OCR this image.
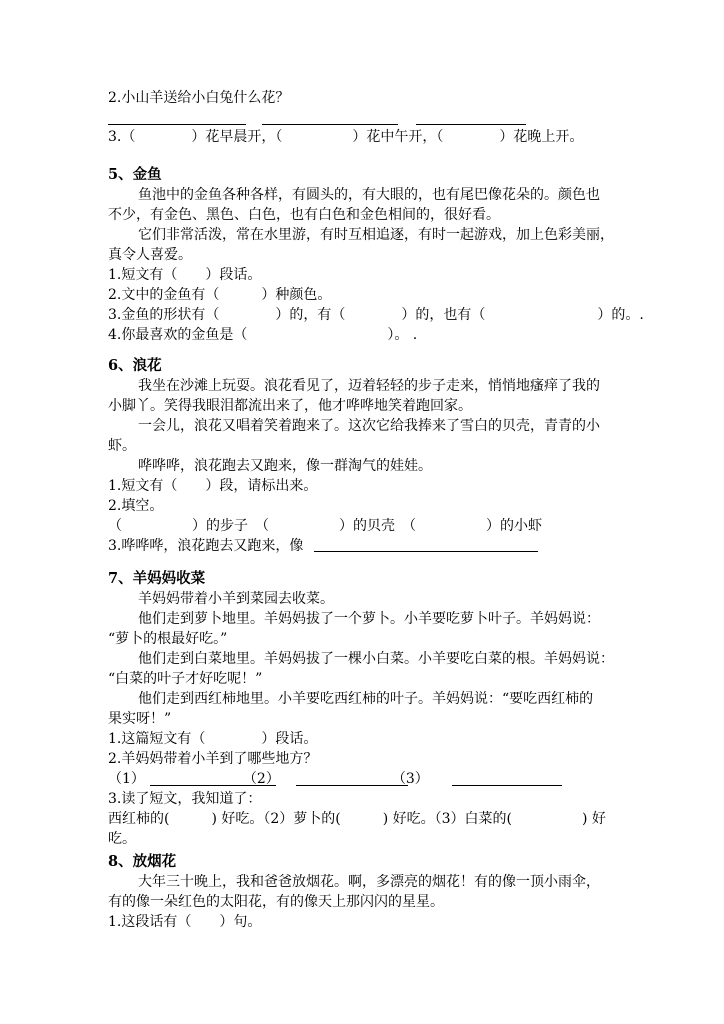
2.小山羊送给小白兔什么花？
3.（　　　　）花早晨开，（　　　　　）花中午开，（　　　　）花晚上开。
5、金鱼
鱼池中的金鱼各种各样，有圆头的，有大眼的，也有尾巴像花朵的。颜色也
不少，有金色、黑色、白色，也有白色和金色相间的，很好看。
它们非常活泼，常在水里游，有时互相追逐，有时一起游戏，加上色彩美丽，
真令人喜爱。
1.短文有（　　）段话。
2.文中的金鱼有（　　　）种颜色。
3.金鱼的形状有（　　　　）的，有（　　　　）的，也有（　　　　　　　　）的。.
4.你最喜欢的金鱼是（　　　　　　　　　　）。 .
6、浪花
我坐在沙滩上玩耍。浪花看见了，迈着轻轻的步子走来，悄悄地瘙痒了我的
小脚丫。笑得我眼泪都流出来了，他才哗哗地笑着跑回家。
一会儿，浪花又唱着笑着跑来了。这次它给我捧来了雪白的贝壳，青青的小
虾。
哗哗哗，浪花跑去又跑来，像一群淘气的娃娃。
1.短文有（　　）段，请标出来。
2.填空。
（　　　　　）的步子　（　　　　　）的贝壳　（　　　　　）的小虾
3.哗哗哗，浪花跑去又跑来，像
7、羊妈妈收菜
羊妈妈带着小羊到菜园去收菜。
他们走到萝卜地里。羊妈妈拔了一个萝卜。小羊要吃萝卜叶子。羊妈妈说：
“萝卜的根最好吃。”
他们走到白菜地里。羊妈妈拔了一棵小白菜。小羊要吃白菜的根。羊妈妈说：
“白菜的叶子才好吃呢！”
他们走到西红柿地里。小羊要吃西红柿的叶子。羊妈妈说：“要吃西红柿的
果实呀！”
1.这篇短文有（　　　　）段话。
2.羊妈妈带着小羊到了哪些地方？
（1）　　　　　　　　（2）　　　　　　　　　（3）
3.读了短文，我知道了：
西红柿的(　　　) 好吃。（2）萝卜的(　　　) 好吃。（3）白菜的(　　　　　) 好
吃。
8、放烟花
大年三十晚上，我和爸爸放烟花。啊，多漂亮的烟花！有的像一顶小雨伞，
有的像一朵红色的太阳花，有的像天上那闪闪的星星。
1.这段话有（　　）句。
